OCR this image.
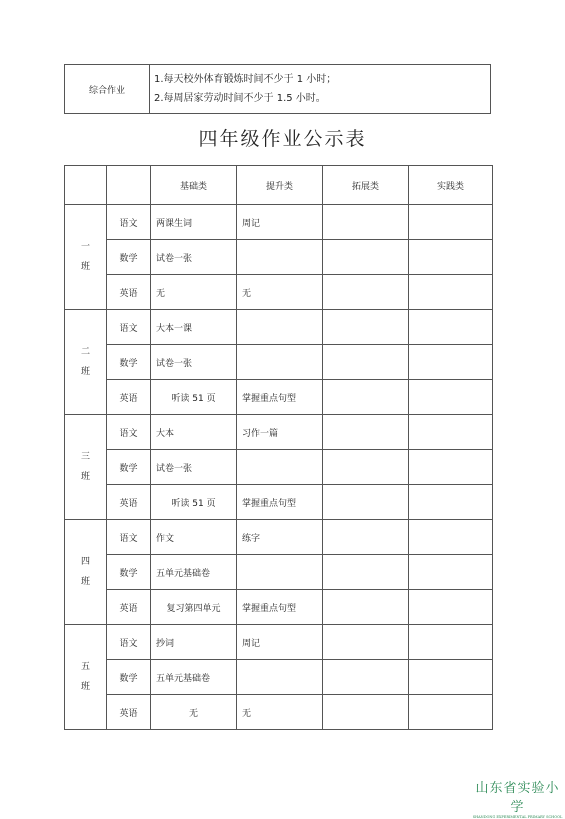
综合作业	
1.每天校外体育锻炼时间不少于 1 小时；
2.每周居家劳动时间不少于 1.5 小时。
四年级作业公示表
		基础类	提升类	拓展类	实践类

一
班	语文	两课生词	周记		
	数学	试卷一张			
	英语	无	无		

二
班	语文	大本一课			
	数学	试卷一张			
	英语	听读 51 页	掌握重点句型		

三
班	语文	大本	习作一篇		
	数学	试卷一张			
	英语	听读 51 页	掌握重点句型		

四
班	语文	作文	练字		
	数学	五单元基础卷			
	英语	复习第四单元	掌握重点句型		

五
班	语文	抄词	周记		
	数学	五单元基础卷			
	英语	无	无		
山东省实验小学
SHANDONG EXPERIMENTAL PRIMARY SCHOOL
